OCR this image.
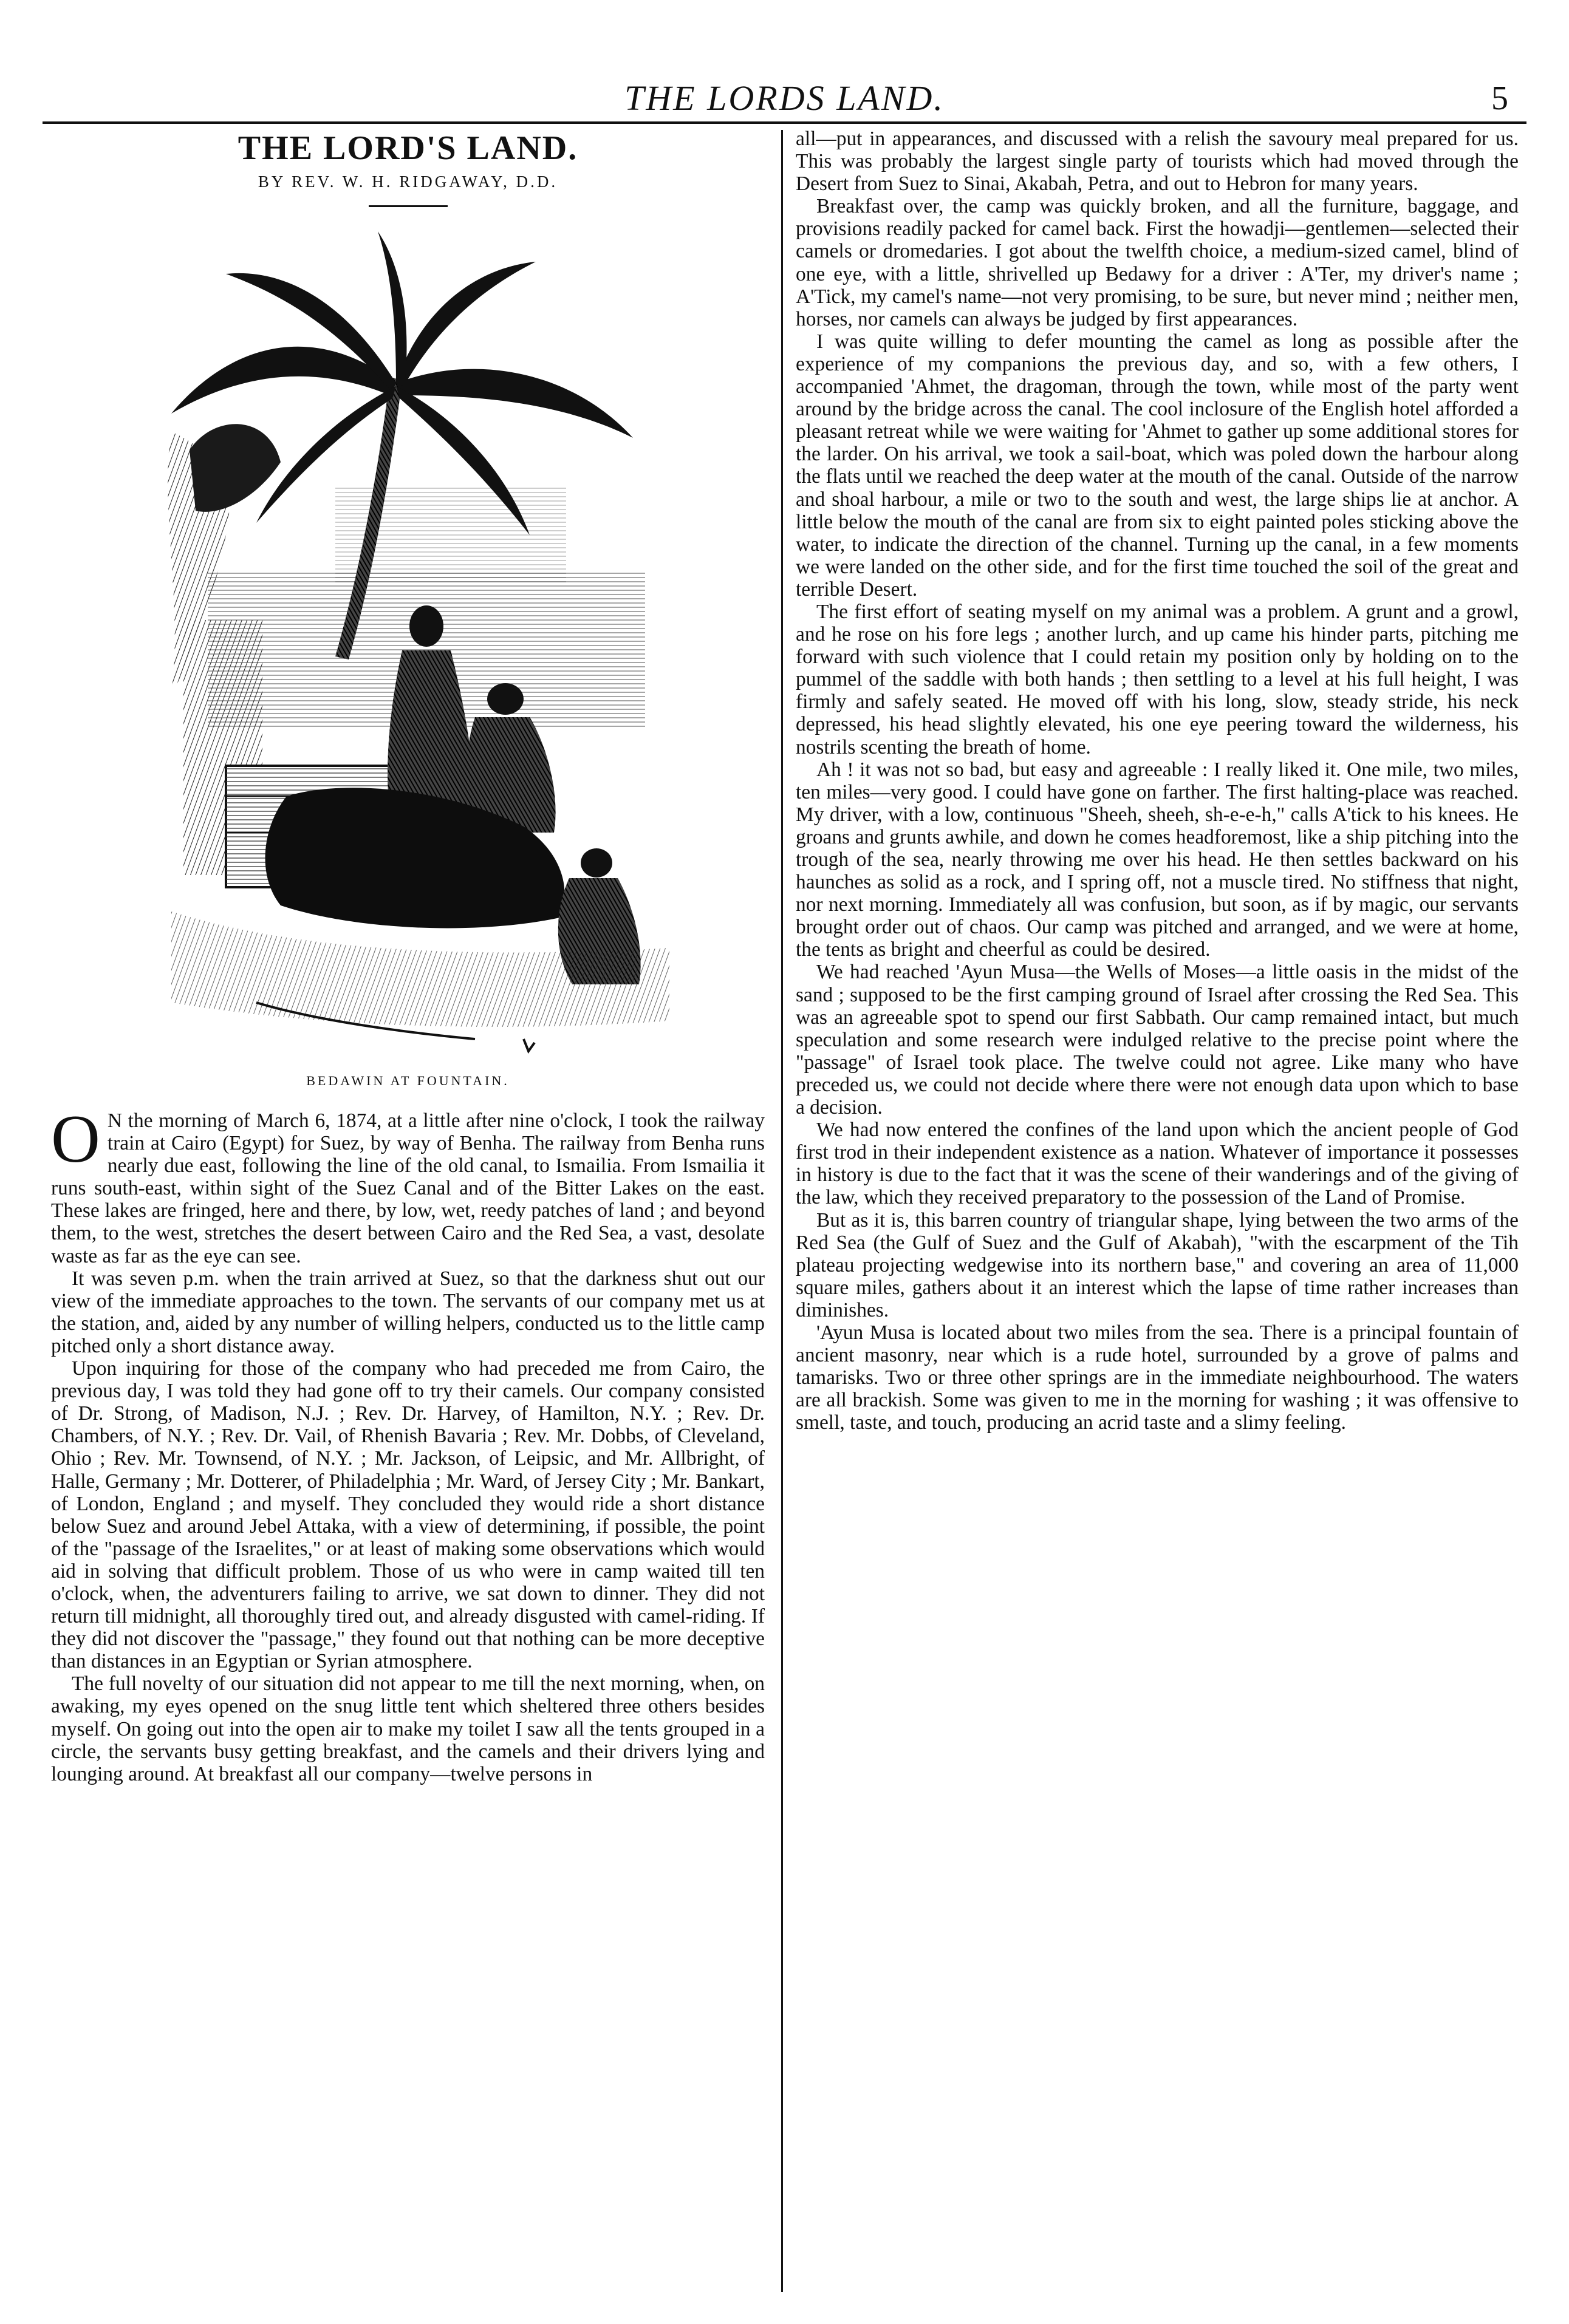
THE LORDS LAND.	5
THE LORD'S LAND.

BY REV. W. H. RIDGAWAY, D.D.

BEDAWIN AT FOUNTAIN.

O N the morning of March 6, 1874, at a little after nine o'clock, I took the railway train at Cairo (Egypt) for Suez, by way of Benha. The railway from Benha runs nearly due east, following the line of the old canal, to Ismailia. From Ismailia it runs south-east, within sight of the Suez Canal and of the Bitter Lakes on the east. These lakes are fringed, here and there, by low, wet, reedy patches of land ; and beyond them, to the west, stretches the desert between Cairo and the Red Sea, a vast, desolate waste as far as the eye can see.

It was seven p.m. when the train arrived at Suez, so that the darkness shut out our view of the immediate approaches to the town. The servants of our company met us at the station, and, aided by any number of willing helpers, conducted us to the little camp pitched only a short distance away.

Upon inquiring for those of the company who had preceded me from Cairo, the previous day, I was told they had gone off to try their camels. Our company consisted of Dr. Strong, of Madison, N.J. ; Rev. Dr. Harvey, of Hamilton, N.Y. ; Rev. Dr. Chambers, of N.Y. ; Rev. Dr. Vail, of Rhenish Bavaria ; Rev. Mr. Dobbs, of Cleveland, Ohio ; Rev. Mr. Townsend, of N.Y. ; Mr. Jackson, of Leipsic, and Mr. Allbright, of Halle, Germany ; Mr. Dotterer, of Philadelphia ; Mr. Ward, of Jersey City ; Mr. Bankart, of London, England ; and myself. They concluded they would ride a short distance below Suez and around Jebel Attaka, with a view of determining, if possible, the point of the "passage of the Israelites," or at least of making some observations which would aid in solving that difficult problem. Those of us who were in camp waited till ten o'clock, when, the adventurers failing to arrive, we sat down to dinner. They did not return till midnight, all thoroughly tired out, and already disgusted with camel-riding. If they did not discover the "passage," they found out that nothing can be more deceptive than distances in an Egyptian or Syrian atmosphere.

The full novelty of our situation did not appear to me till the next morning, when, on awaking, my eyes opened on the snug little tent which sheltered three others besides myself. On going out into the open air to make my toilet I saw all the tents grouped in a circle, the servants busy getting breakfast, and the camels and their drivers lying and lounging around. At breakfast all our company—twelve persons in

all—put in appearances, and discussed with a relish the savoury meal prepared for us. This was probably the largest single party of tourists which had moved through the Desert from Suez to Sinai, Akabah, Petra, and out to Hebron for many years.

Breakfast over, the camp was quickly broken, and all the furniture, baggage, and provisions readily packed for camel back. First the howadji—gentlemen—selected their camels or dromedaries. I got about the twelfth choice, a medium-sized camel, blind of one eye, with a little, shrivelled up Bedawy for a driver : A'Ter, my driver's name ; A'Tick, my camel's name—not very promising, to be sure, but never mind ; neither men, horses, nor camels can always be judged by first appearances.

I was quite willing to defer mounting the camel as long as possible after the experience of my companions the previous day, and so, with a few others, I accompanied 'Ahmet, the dragoman, through the town, while most of the party went around by the bridge across the canal. The cool inclosure of the English hotel afforded a pleasant retreat while we were waiting for 'Ahmet to gather up some additional stores for the larder. On his arrival, we took a sail-boat, which was poled down the harbour along the flats until we reached the deep water at the mouth of the canal. Outside of the narrow and shoal harbour, a mile or two to the south and west, the large ships lie at anchor. A little below the mouth of the canal are from six to eight painted poles sticking above the water, to indicate the direction of the channel. Turning up the canal, in a few moments we were landed on the other side, and for the first time touched the soil of the great and terrible Desert.

The first effort of seating myself on my animal was a problem. A grunt and a growl, and he rose on his fore legs ; another lurch, and up came his hinder parts, pitching me forward with such violence that I could retain my position only by holding on to the pummel of the saddle with both hands ; then settling to a level at his full height, I was firmly and safely seated. He moved off with his long, slow, steady stride, his neck depressed, his head slightly elevated, his one eye peering toward the wilderness, his nostrils scenting the breath of home.

Ah ! it was not so bad, but easy and agreeable : I really liked it. One mile, two miles, ten miles—very good. I could have gone on farther. The first halting-place was reached. My driver, with a low, continuous "Sheeh, sheeh, sh-e-e-h," calls A'tick to his knees. He groans and grunts awhile, and down he comes headforemost, like a ship pitching into the trough of the sea, nearly throwing me over his head. He then settles backward on his haunches as solid as a rock, and I spring off, not a muscle tired. No stiffness that night, nor next morning. Immediately all was confusion, but soon, as if by magic, our servants brought order out of chaos. Our camp was pitched and arranged, and we were at home, the tents as bright and cheerful as could be desired.

We had reached 'Ayun Musa—the Wells of Moses—a little oasis in the midst of the sand ; supposed to be the first camping ground of Israel after crossing the Red Sea. This was an agreeable spot to spend our first Sabbath. Our camp remained intact, but much speculation and some research were indulged relative to the precise point where the "passage" of Israel took place. The twelve could not agree. Like many who have preceded us, we could not decide where there were not enough data upon which to base a decision.

We had now entered the confines of the land upon which the ancient people of God first trod in their independent existence as a nation. Whatever of importance it possesses in history is due to the fact that it was the scene of their wanderings and of the giving of the law, which they received preparatory to the possession of the Land of Promise.

But as it is, this barren country of triangular shape, lying between the two arms of the Red Sea (the Gulf of Suez and the Gulf of Akabah), "with the escarpment of the Tih plateau projecting wedgewise into its northern base," and covering an area of 11,000 square miles, gathers about it an interest which the lapse of time rather increases than diminishes.

'Ayun Musa is located about two miles from the sea. There is a principal fountain of ancient masonry, near which is a rude hotel, surrounded by a grove of palms and tamarisks. Two or three other springs are in the immediate neighbourhood. The waters are all brackish. Some was given to me in the morning for washing ; it was offensive to smell, taste, and touch, producing an acrid taste and a slimy feeling.
